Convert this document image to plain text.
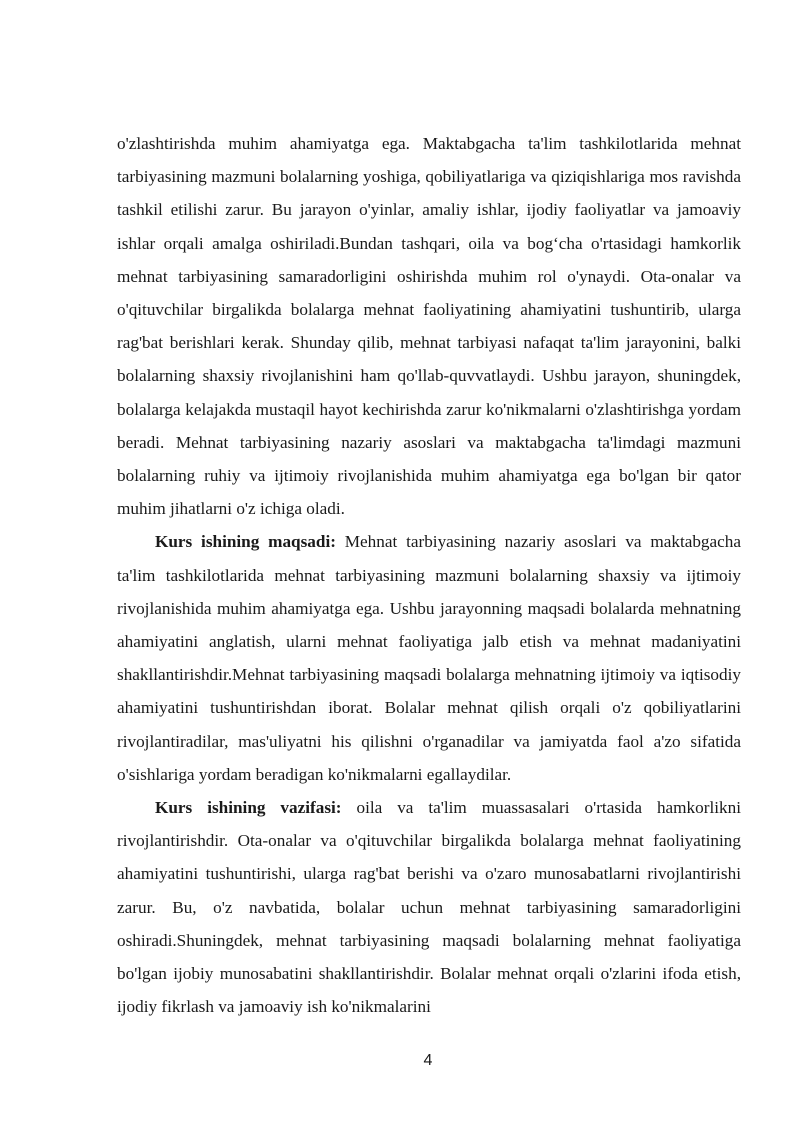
o'zlashtirishda muhim ahamiyatga ega. Maktabgacha ta'lim tashkilotlarida mehnat tarbiyasining mazmuni bolalarning yoshiga, qobiliyatlariga va qiziqishlariga mos ravishda tashkil etilishi zarur. Bu jarayon o'yinlar, amaliy ishlar, ijodiy faoliyatlar va jamoaviy ishlar orqali amalga oshiriladi.Bundan tashqari, oila va bog‘cha o'rtasidagi hamkorlik mehnat tarbiyasining samaradorligini oshirishda muhim rol o'ynaydi. Ota-onalar va o'qituvchilar birgalikda bolalarga mehnat faoliyatining ahamiyatini tushuntirib, ularga rag'bat berishlari kerak. Shunday qilib, mehnat tarbiyasi nafaqat ta'lim jarayonini, balki bolalarning shaxsiy rivojlanishini ham qo'llab-quvvatlaydi. Ushbu jarayon, shuningdek, bolalarga kelajakda mustaqil hayot kechirishda zarur ko'nikmalarni o'zlashtirishga yordam beradi. Mehnat tarbiyasining nazariy asoslari va maktabgacha ta'limdagi mazmuni bolalarning ruhiy va ijtimoiy rivojlanishida muhim ahamiyatga ega bo'lgan bir qator muhim jihatlarni o'z ichiga oladi.

Kurs ishining maqsadi: Mehnat tarbiyasining nazariy asoslari va maktabgacha ta'lim tashkilotlarida mehnat tarbiyasining mazmuni bolalarning shaxsiy va ijtimoiy rivojlanishida muhim ahamiyatga ega. Ushbu jarayonning maqsadi bolalarda mehnatning ahamiyatini anglatish, ularni mehnat faoliyatiga jalb etish va mehnat madaniyatini shakllantirishdir.Mehnat tarbiyasining maqsadi bolalarga mehnatning ijtimoiy va iqtisodiy ahamiyatini tushuntirishdan iborat. Bolalar mehnat qilish orqali o'z qobiliyatlarini rivojlantiradilar, mas'uliyatni his qilishni o'rganadilar va jamiyatda faol a'zo sifatida o'sishlariga yordam beradigan ko'nikmalarni egallaydilar.

Kurs ishining vazifasi: oila va ta'lim muassasalari o'rtasida hamkorlikni rivojlantirishdir. Ota-onalar va o'qituvchilar birgalikda bolalarga mehnat faoliyatining ahamiyatini tushuntirishi, ularga rag'bat berishi va o'zaro munosabatlarni rivojlantirishi zarur. Bu, o'z navbatida, bolalar uchun mehnat tarbiyasining samaradorligini oshiradi.Shuningdek, mehnat tarbiyasining maqsadi bolalarning mehnat faoliyatiga bo'lgan ijobiy munosabatini shakllantirishdir. Bolalar mehnat orqali o'zlarini ifoda etish, ijodiy fikrlash va jamoaviy ish ko'nikmalarini

4
